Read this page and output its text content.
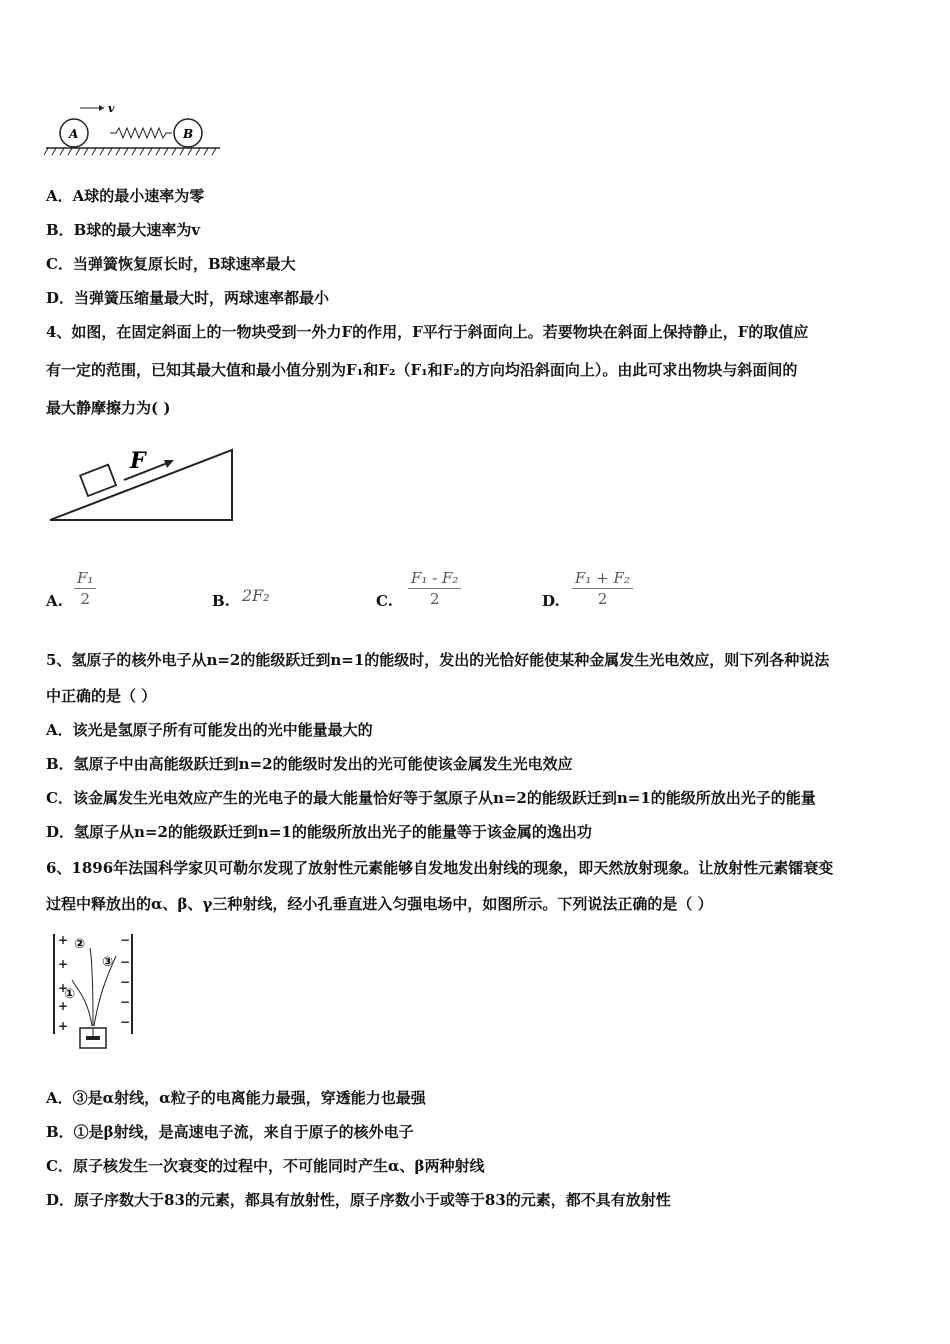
v
A	B
A．A球的最小速率为零
B．B球的最大速率为v
C．当弹簧恢复原长时，B球速率最大
D．当弹簧压缩量最大时，两球速率都最小
4、如图，在固定斜面上的一物块受到一外力F的作用，F平行于斜面向上。若要物块在斜面上保持静止，F的取值应
有一定的范围，已知其最大值和最小值分别为F₁和F₂（F₁和F₂的方向均沿斜面向上）。由此可求出物块与斜面间的
最大静摩擦力为( )
F
A. $\frac{\text{F₁}}{2}$	B. 2F₂	C. $\frac{\text{F₁ - F₂}}{2}$	D. $\frac{\text{F₁ + F₂}}{2}$
5、氢原子的核外电子从n=2的能级跃迁到n=1的能级时，发出的光恰好能使某种金属发生光电效应，则下列各种说法
中正确的是（ ）
A．该光是氢原子所有可能发出的光中能量最大的
B．氢原子中由高能级跃迁到n=2的能级时发出的光可能使该金属发生光电效应
C．该金属发生光电效应产生的光电子的最大能量恰好等于氢原子从n=2的能级跃迁到n=1的能级所放出光子的能量
D．氢原子从n=2的能级跃迁到n=1的能级所放出光子的能量等于该金属的逸出功
6、1896年法国科学家贝可勒尔发现了放射性元素能够自发地发出射线的现象，即天然放射现象。让放射性元素镭衰变
过程中释放出的α、β、γ三种射线，经小孔垂直进入匀强电场中，如图所示。下列说法正确的是（ ）
+
+
+
+
+
−
−
−
−
−
②
③
①
A．③是α射线，α粒子的电离能力最强，穿透能力也最强
B．①是β射线，是高速电子流，来自于原子的核外电子
C．原子核发生一次衰变的过程中，不可能同时产生α、β两种射线
D．原子序数大于83的元素，都具有放射性，原子序数小于或等于83的元素，都不具有放射性
